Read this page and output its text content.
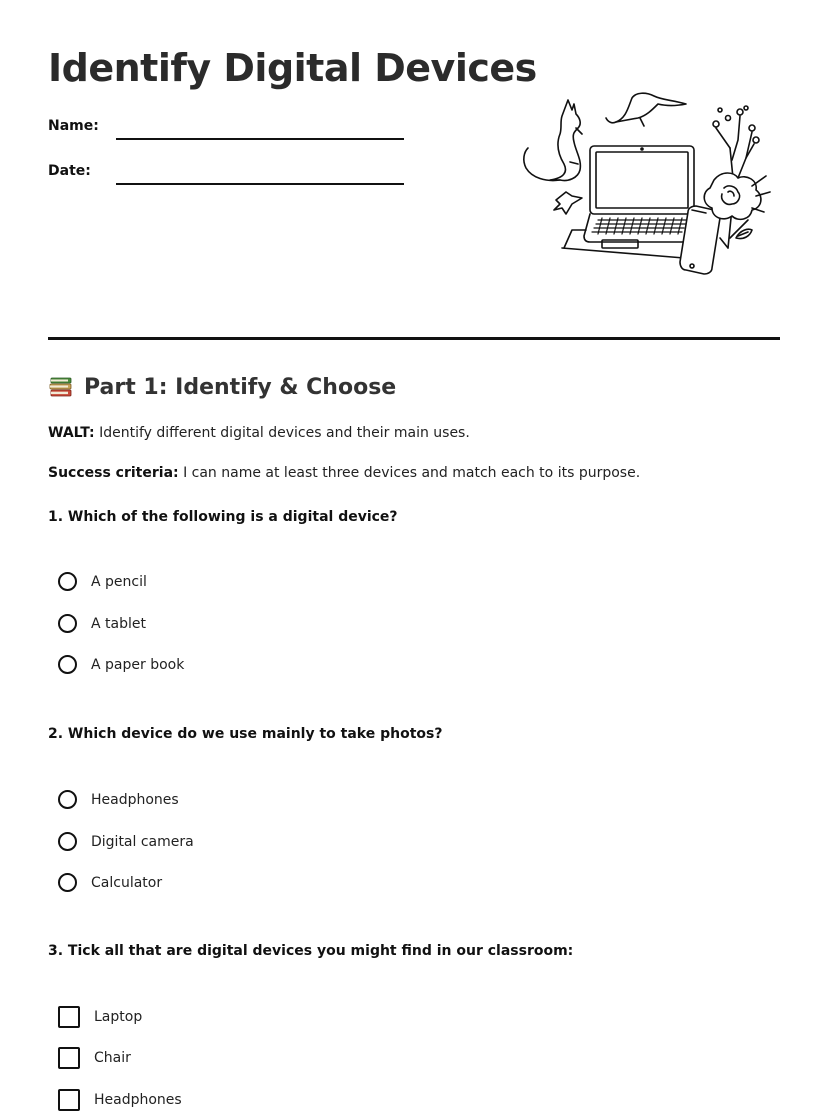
Identify Digital Devices
Name:
Date:
Part 1: Identify & Choose
WALT: Identify different digital devices and their main uses.
Success criteria: I can name at least three devices and match each to its purpose.
1. Which of the following is a digital device?
A pencil
A tablet
A paper book
2. Which device do we use mainly to take photos?
Headphones
Digital camera
Calculator
3. Tick all that are digital devices you might find in our classroom:
Laptop
Chair
Headphones
